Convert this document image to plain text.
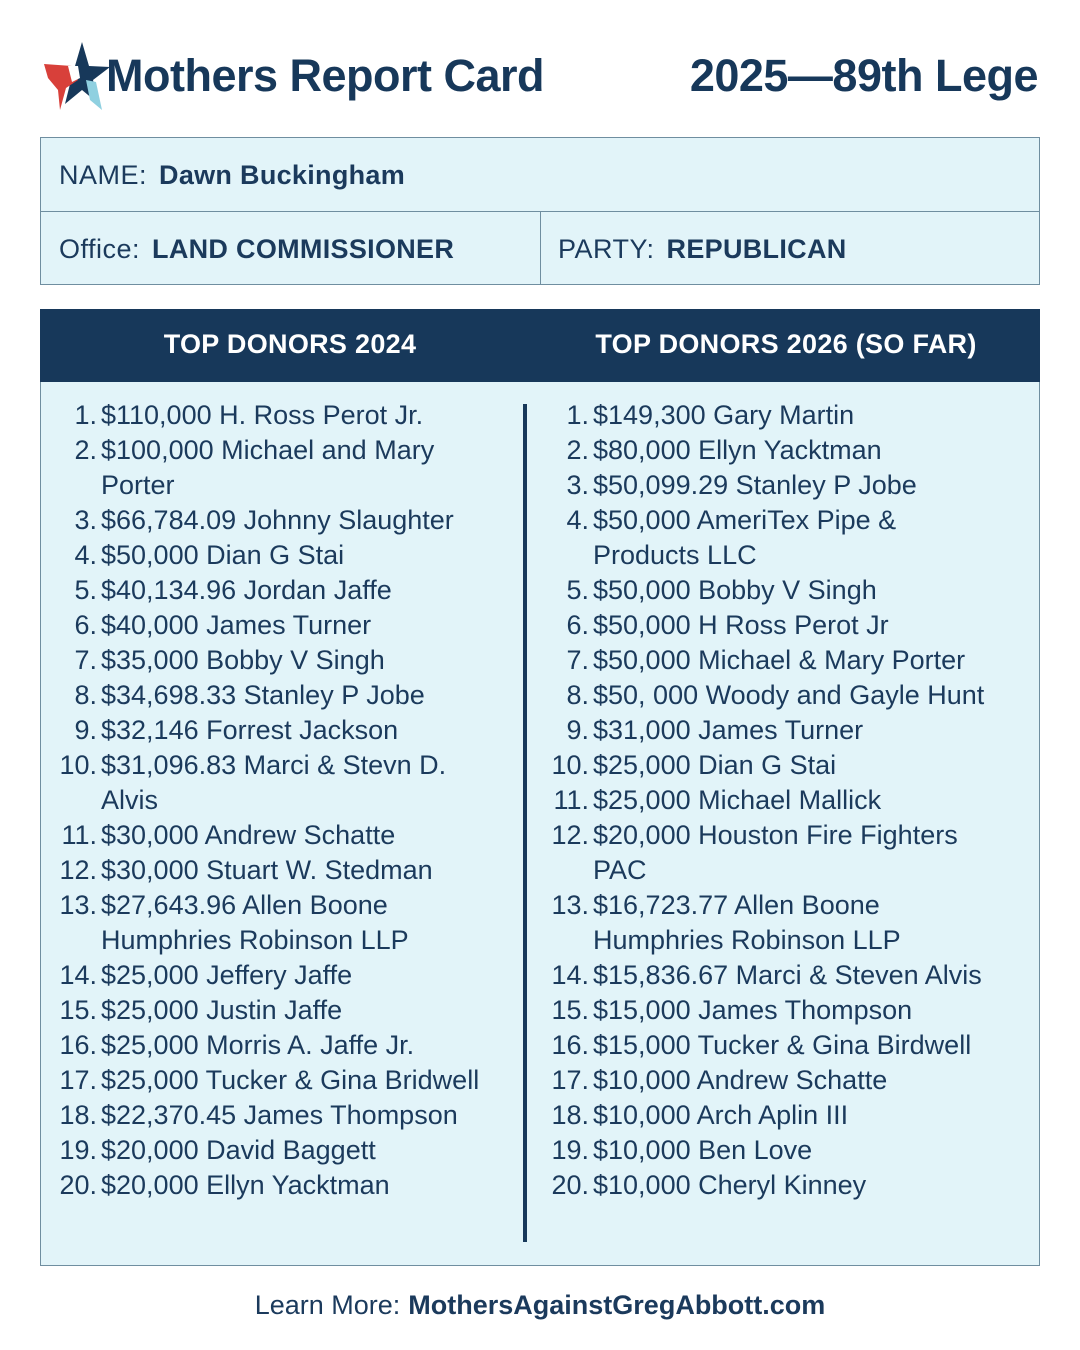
Mothers Report Card	2025—89th Lege
NAME: Dawn Buckingham
Office: LAND COMMISSIONER	PARTY: REPUBLICAN
TOP DONORS 2024	TOP DONORS 2026 (SO FAR)
1. $110,000 H. Ross Perot Jr.
2. $100,000 Michael and Mary
Porter
3. $66,784.09 Johnny Slaughter
4. $50,000 Dian G Stai
5. $40,134.96 Jordan Jaffe
6. $40,000 James Turner
7. $35,000 Bobby V Singh
8. $34,698.33 Stanley P Jobe
9. $32,146 Forrest Jackson
10. $31,096.83 Marci & Stevn D.
Alvis
11. $30,000 Andrew Schatte
12. $30,000 Stuart W. Stedman
13. $27,643.96 Allen Boone
Humphries Robinson LLP
14. $25,000 Jeffery Jaffe
15. $25,000 Justin Jaffe
16. $25,000 Morris A. Jaffe Jr.
17. $25,000 Tucker & Gina Bridwell
18. $22,370.45 James Thompson
19. $20,000 David Baggett
20. $20,000 Ellyn Yacktman
1. $149,300 Gary Martin
2. $80,000 Ellyn Yacktman
3. $50,099.29 Stanley P Jobe
4. $50,000 AmeriTex Pipe &
Products LLC
5. $50,000 Bobby V Singh
6. $50,000 H Ross Perot Jr
7. $50,000 Michael & Mary Porter
8. $50, 000 Woody and Gayle Hunt
9. $31,000 James Turner
10. $25,000 Dian G Stai
11. $25,000 Michael Mallick
12. $20,000 Houston Fire Fighters
PAC
13. $16,723.77 Allen Boone
Humphries Robinson LLP
14. $15,836.67 Marci & Steven Alvis
15. $15,000 James Thompson
16. $15,000 Tucker & Gina Birdwell
17. $10,000 Andrew Schatte
18. $10,000 Arch Aplin III
19. $10,000 Ben Love
20. $10,000 Cheryl Kinney
Learn More: MothersAgainstGregAbbott.com
